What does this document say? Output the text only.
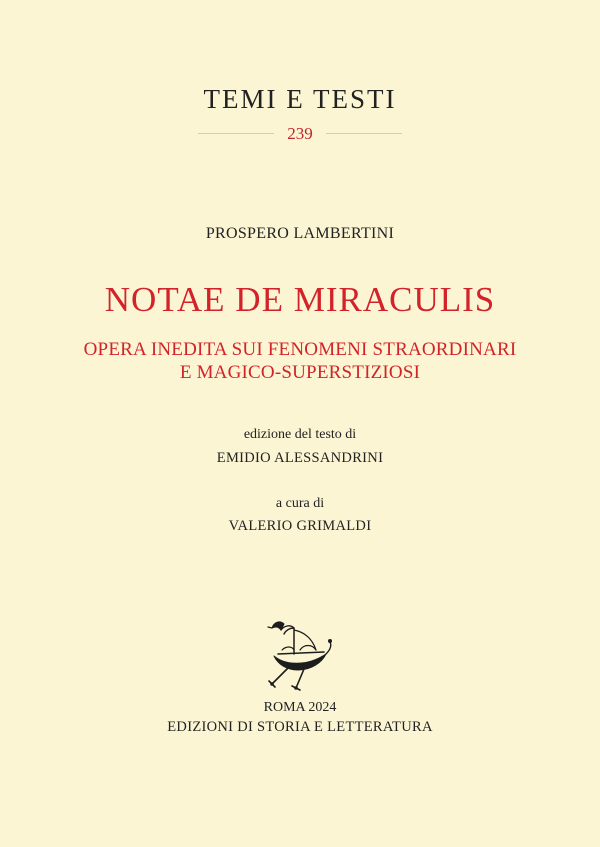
TEMI E TESTI
239
PROSPERO LAMBERTINI
NOTAE DE MIRACULIS
OPERA INEDITA SUI FENOMENI STRAORDINARI
E MAGICO-SUPERSTIZIOSI
edizione del testo di
EMIDIO ALESSANDRINI
a cura di
VALERIO GRIMALDI
ROMA 2024
EDIZIONI DI STORIA E LETTERATURA
